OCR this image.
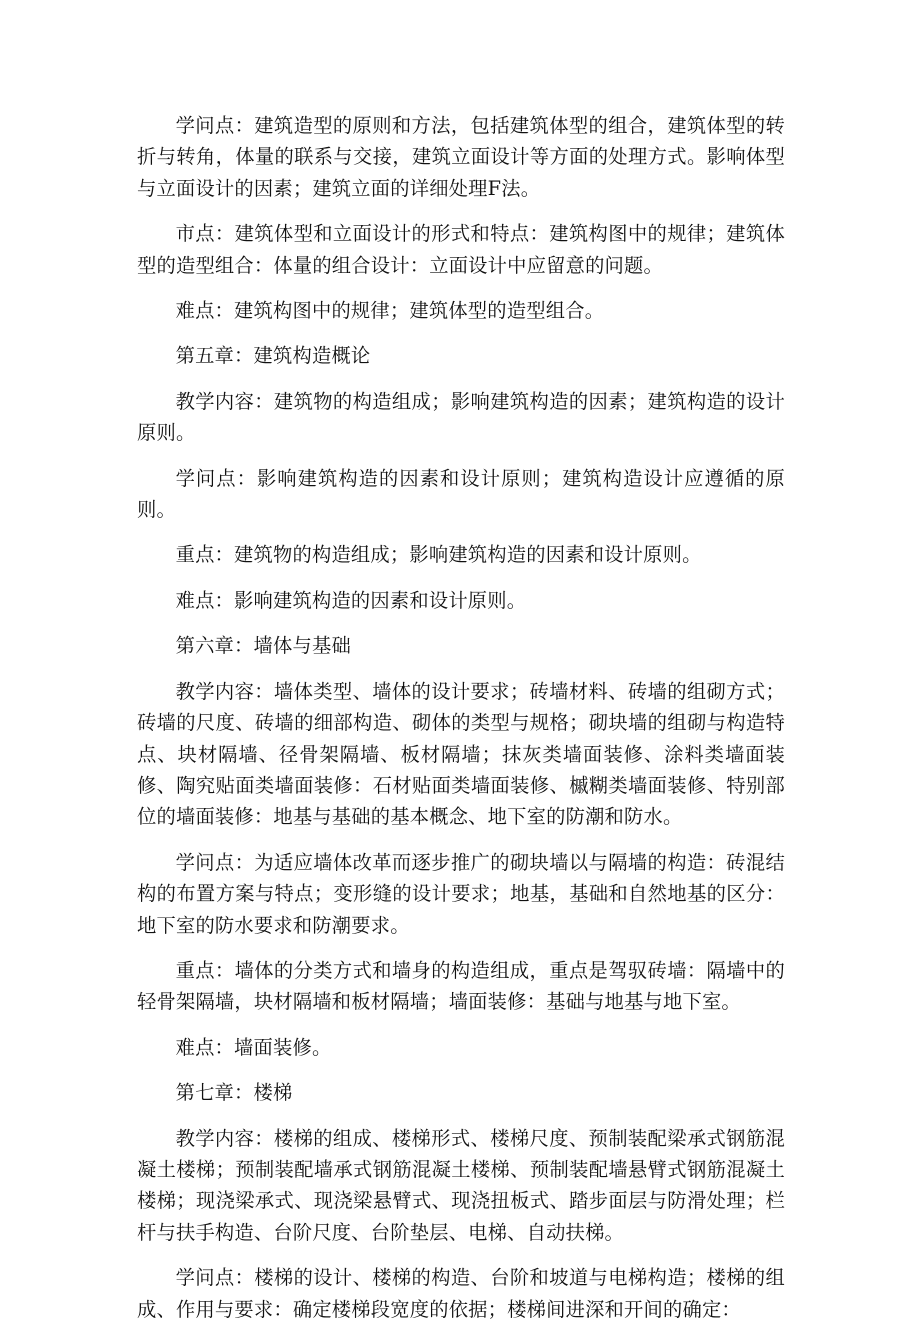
学问点：建筑造型的原则和方法，包括建筑体型的组合，建筑体型的转折与转角，体量的联系与交接，建筑立面设计等方面的处理方式。影响体型与立面设计的因素；建筑立面的详细处理F法。

市点：建筑体型和立面设计的形式和特点：建筑构图中的规律；建筑体型的造型组合：体量的组合设计：立面设计中应留意的问题。

难点：建筑构图中的规律；建筑体型的造型组合。

第五章：建筑构造概论

教学内容：建筑物的构造组成；影响建筑构造的因素；建筑构造的设计原则。

学问点：影响建筑构造的因素和设计原则；建筑构造设计应遵循的原则。

重点：建筑物的构造组成；影响建筑构造的因素和设计原则。

难点：影响建筑构造的因素和设计原则。

第六章：墙体与基础

教学内容：墙体类型、墙体的设计要求；砖墙材料、砖墙的组砌方式；砖墙的尺度、砖墙的细部构造、砌体的类型与规格；砌块墙的组砌与构造特点、块材隔墙、径骨架隔墙、板材隔墙；抹灰类墙面装修、涂料类墙面装修、陶究贴面类墙面装修：石材贴面类墙面装修、槭糊类墙面装修、特别部位的墙面装修：地基与基础的基本概念、地下室的防潮和防水。

学问点：为适应墙体改革而逐步推广的砌块墙以与隔墙的构造：砖混结构的布置方案与特点；变形缝的设计要求；地基，基础和自然地基的区分：地下室的防水要求和防潮要求。

重点：墙体的分类方式和墙身的构造组成，重点是驾驭砖墙：隔墙中的轻骨架隔墙，块材隔墙和板材隔墙；墙面装修：基础与地基与地下室。

难点：墙面装修。

第七章：楼梯

教学内容：楼梯的组成、楼梯形式、楼梯尺度、预制装配梁承式钢筋混凝土楼梯；预制装配墙承式钢筋混凝土楼梯、预制装配墙悬臂式钢筋混凝土楼梯；现浇梁承式、现浇梁悬臂式、现浇扭板式、踏步面层与防滑处理；栏杆与扶手构造、台阶尺度、台阶垫层、电梯、自动扶梯。

学问点：楼梯的设计、楼梯的构造、台阶和坡道与电梯构造；楼梯的组成、作用与要求：确定楼梯段宽度的依据；楼梯间进深和开间的确定：
